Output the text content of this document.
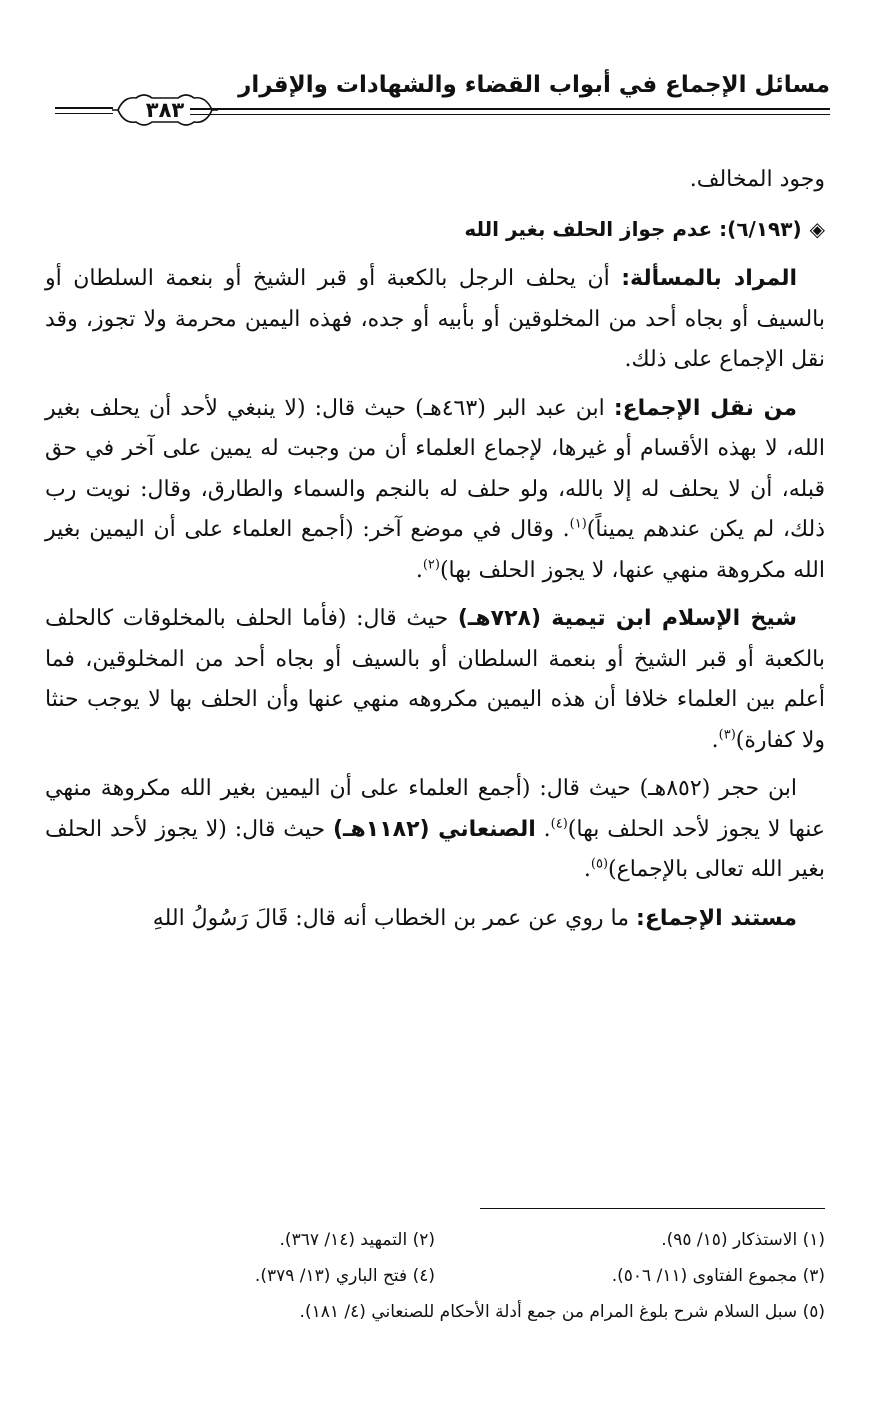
مسائل الإجماع في أبواب القضاء والشهادات والإقرار
٣٨٣

وجود المخالف.

◈(٦/١٩٣): عدم جواز الحلف بغير الله

المراد بالمسألة: أن يحلف الرجل بالكعبة أو قبر الشيخ أو بنعمة السلطان أو بالسيف أو بجاه أحد من المخلوقين أو بأبيه أو جده، فهذه اليمين محرمة ولا تجوز، وقد نقل الإجماع على ذلك.

من نقل الإجماع: ابن عبد البر (٤٦٣هـ) حيث قال: (لا ينبغي لأحد أن يحلف بغير الله، لا بهذه الأقسام أو غيرها، لإجماع العلماء أن من وجبت له يمين على آخر في حق قبله، أن لا يحلف له إلا بالله، ولو حلف له بالنجم والسماء والطارق، وقال: نويت رب ذلك، لم يكن عندهم يميناً)$^{(١)}$. وقال في موضع آخر: (أجمع العلماء على أن اليمين بغير الله مكروهة منهي عنها، لا يجوز الحلف بها)$^{(٢)}$.

شيخ الإسلام ابن تيمية (٧٢٨هـ) حيث قال: (فأما الحلف بالمخلوقات كالحلف بالكعبة أو قبر الشيخ أو بنعمة السلطان أو بالسيف أو بجاه أحد من المخلوقين، فما أعلم بين العلماء خلافا أن هذه اليمين مكروهه منهي عنها وأن الحلف بها لا يوجب حنثا ولا كفارة)$^{(٣)}$.

ابن حجر (٨٥٢هـ) حيث قال: (أجمع العلماء على أن اليمين بغير الله مكروهة منهي عنها لا يجوز لأحد الحلف بها)$^{(٤)}$. الصنعاني (١١٨٢هـ) حيث قال: (لا يجوز لأحد الحلف بغير الله تعالى بالإجماع)$^{(٥)}$.

مستند الإجماع: ما روي عن عمر بن الخطاب أنه قال: قَالَ رَسُولُ اللهِ

(١) الاستذكار (١٥/ ٩٥).
(٢) التمهيد (١٤/ ٣٦٧).
(٣) مجموع الفتاوى (١١/ ٥٠٦).
(٤) فتح الباري (١٣/ ٣٧٩).
(٥) سبل السلام شرح بلوغ المرام من جمع أدلة الأحكام للصنعاني (٤/ ١٨١).
